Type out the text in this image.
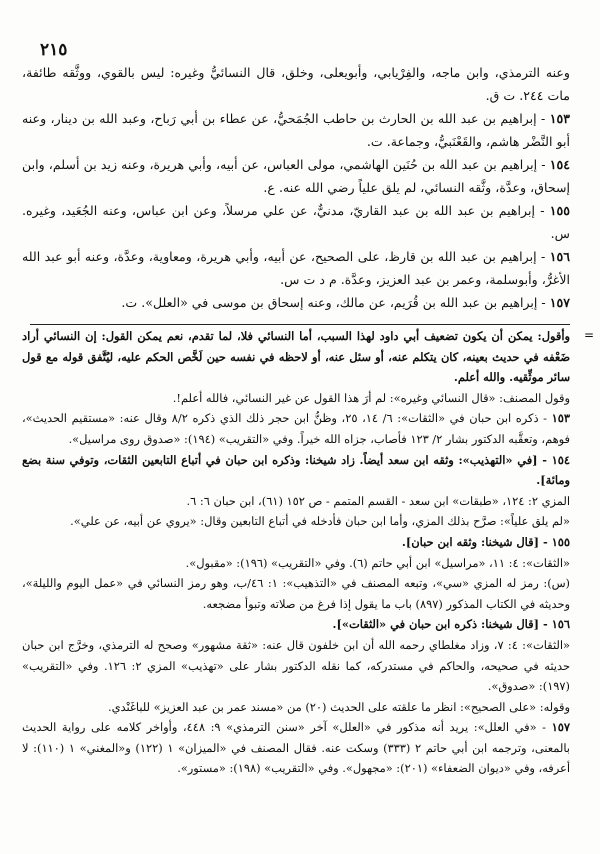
٢١٥

وعنه الترمذي، وابن ماجه، والفِرْيابي، وأبويعلى، وخلق، قال النسائيُّ وغيره: ليس بالقوي، ووثَّقه طائفة، مات ٢٤٤. ت ق.

١٥٣ - إبراهيم بن عبد الله بن الحارث بن حاطب الجُمَحيُّ، عن عطاء بن أبي رَباح، وعبد الله بن دينار، وعنه أبو النَّضْر هاشم، والقَعْنَبيُّ، وجماعة. ت.

١٥٤ - إبراهيم بن عبد الله بن حُنَين الهاشمي، مولى العباس، عن أبيه، وأبي هريرة، وعنه زيد بن أسلم، وابن إسحاق، وعدَّة، وثَّقه النسائي، لم يلق علياً رضي الله عنه. ع.

١٥٥ - إبراهيم بن عبد الله بن عبد القاريّ، مدنيٌّ، عن علي مرسلاً، وعن ابن عباس، وعنه الجُعَيد، وغيره. س.

١٥٦ - إبراهيم بن عبد الله بن قارظ، على الصحيح، عن أبيه، وأبي هريرة، ومعاوية، وعدَّة، وعنه أبو عبد الله الأغرُّ، وأبوسلمة، وعمر بن عبد العزيز، وعدَّة. م د ت س.

١٥٧ - إبراهيم بن عبد الله بن قُرَيم، عن مالك، وعنه إسحاق بن موسى في «العلل». ت.

=

وأقول: يمكن أن يكون تضعيف أبي داود لهذا السبب، أما النسائي فلا، لما تقدم، نعم يمكن القول: إن النسائي أراد ضَعْفه في حديث بعينه، كان يتكلم عنه، أو سئل عنه، أو لاحظه في نفسه حين لَخَّص الحكم عليه، ليُتَّفق قوله مع قول سائر موثِّقيه. والله أعلم.

وقول المصنف: «قال النسائي وغيره»: لم أرَ هذا القول عن غير النسائي، فالله أعلم!.

١٥٣ - ذكره ابن حبان في «الثقات»: ٦/ ١٤، ٢٥، وظنُّ ابن حجر ذلك الذي ذكره ٨/٢ وقال عنه: «مستقيم الحديث»، فوهم، وتعقَّبه الدكتور بشار ٢/ ١٢٣ فأصاب، جزاه الله خيراً. وفي «التقريب» (١٩٤): «صدوق روى مراسيل».

١٥٤ - [في «التهذيب»: وثقه ابن سعد أيضاً. زاد شيخنا: وذكره ابن حبان في أتباع التابعين الثقات، وتوفي سنة بضع ومائة].

المزي ٢: ١٢٤، «طبقات» ابن سعد - القسم المتمم - ص ١٥٢ (٦١)، ابن حبان ٦: ٦.

«لم يلق علياً»: صرَّح بذلك المزي، وأما ابن حبان فأدخله في أتباع التابعين وقال: «يروي عن أبيه، عن علي».

١٥٥ - [قال شيخنا: وثقه ابن حبان].

«الثقات»: ٤: ١١، «مراسيل» ابن أبي حاتم (٦). وفي «التقريب» (١٩٦): «مقبول».

(س): رمز له المزي «سي»، وتبعه المصنف في «التذهيب»: ١: ٤٦/ب، وهو رمز النسائي في «عمل اليوم والليلة»، وحديثه في الكتاب المذكور (٨٩٧) باب ما يقول إذا فرغ من صلاته وتبوأ مضجعه.

١٥٦ - [قال شيخنا: ذكره ابن حبان في «الثقات»].

«الثقات»: ٤: ٧، وزاد مغلطاي رحمه الله أن ابن خلفون قال عنه: «ثقة مشهور» وصحح له الترمذي، وخرَّج ابن حبان حديثه في صحيحه، والحاكم في مستدركه، كما نقله الدكتور بشار على «تهذيب» المزي ٢: ١٢٦. وفي «التقريب» (١٩٧): «صدوق».

وقوله: «على الصحيح»: انظر ما علقته على الحديث (٢٠) من «مسند عمر بن عبد العزيز» للباغَنْدي.

١٥٧ - «في العلل»: يريد أنه مذكور في «العلل» آخر «سنن الترمذي» ٩: ٤٤٨، وأواخر كلامه على رواية الحديث بالمعنى، وترجمه ابن أبي حاتم ٢ (٣٣٣) وسكت عنه. فقال المصنف في «الميزان» ١ (١٢٢) و«المغني» ١ (١١٠): لا أعرفه، وفي «ديوان الضعفاء» (٢٠١): «مجهول». وفي «التقريب» (١٩٨): «مستور».
